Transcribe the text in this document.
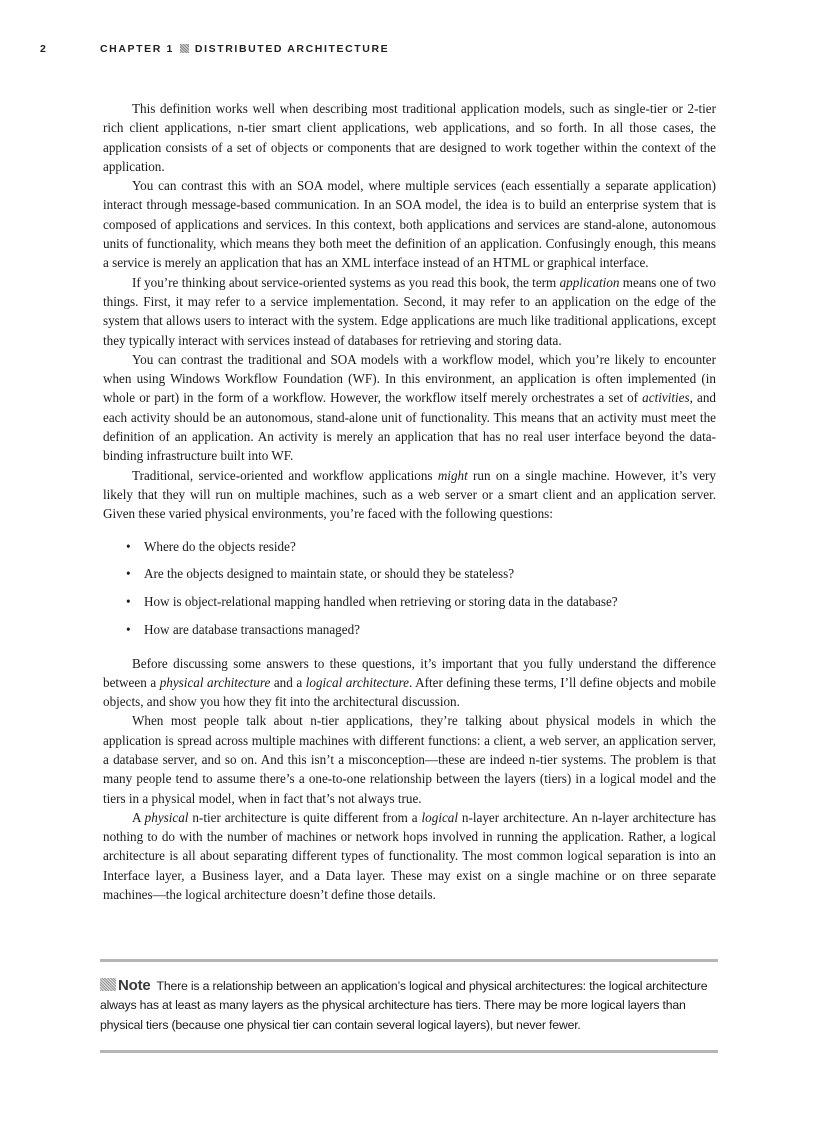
2	CHAPTER 1 DISTRIBUTED ARCHITECTURE

This definition works well when describing most traditional application models, such as single-tier or 2-tier rich client applications, n-tier smart client applications, web applications, and so forth. In all those cases, the application consists of a set of objects or components that are designed to work together within the context of the application.

You can contrast this with an SOA model, where multiple services (each essentially a separate application) interact through message-based communication. In an SOA model, the idea is to build an enterprise system that is composed of applications and services. In this context, both applications and services are stand-alone, autonomous units of functionality, which means they both meet the definition of an application. Confusingly enough, this means a service is merely an application that has an XML interface instead of an HTML or graphical interface.

If you’re thinking about service-oriented systems as you read this book, the term application means one of two things. First, it may refer to a service implementation. Second, it may refer to an application on the edge of the system that allows users to interact with the system. Edge applications are much like traditional applications, except they typically interact with services instead of databases for retrieving and storing data.

You can contrast the traditional and SOA models with a workflow model, which you’re likely to encounter when using Windows Workflow Foundation (WF). In this environment, an application is often implemented (in whole or part) in the form of a workflow. However, the workflow itself merely orchestrates a set of activities, and each activity should be an autonomous, stand-alone unit of functionality. This means that an activity must meet the definition of an application. An activity is merely an application that has no real user interface beyond the data-binding infrastructure built into WF.

Traditional, service-oriented and workflow applications might run on a single machine. However, it’s very likely that they will run on multiple machines, such as a web server or a smart client and an application server. Given these varied physical environments, you’re faced with the following questions:

• Where do the objects reside?
• Are the objects designed to maintain state, or should they be stateless?
• How is object-relational mapping handled when retrieving or storing data in the database?
• How are database transactions managed?

Before discussing some answers to these questions, it’s important that you fully understand the difference between a physical architecture and a logical architecture. After defining these terms, I’ll define objects and mobile objects, and show you how they fit into the architectural discussion.

When most people talk about n-tier applications, they’re talking about physical models in which the application is spread across multiple machines with different functions: a client, a web server, an application server, a database server, and so on. And this isn’t a misconception—these are indeed n-tier systems. The problem is that many people tend to assume there’s a one-to-one relationship between the layers (tiers) in a logical model and the tiers in a physical model, when in fact that’s not always true.

A physical n-tier architecture is quite different from a logical n-layer architecture. An n-layer architecture has nothing to do with the number of machines or network hops involved in running the application. Rather, a logical architecture is all about separating different types of functionality. The most common logical separation is into an Interface layer, a Business layer, and a Data layer. These may exist on a single machine or on three separate machines—the logical architecture doesn’t define those details.

Note There is a relationship between an application’s logical and physical architectures: the logical architecture always has at least as many layers as the physical architecture has tiers. There may be more logical layers than physical tiers (because one physical tier can contain several logical layers), but never fewer.
